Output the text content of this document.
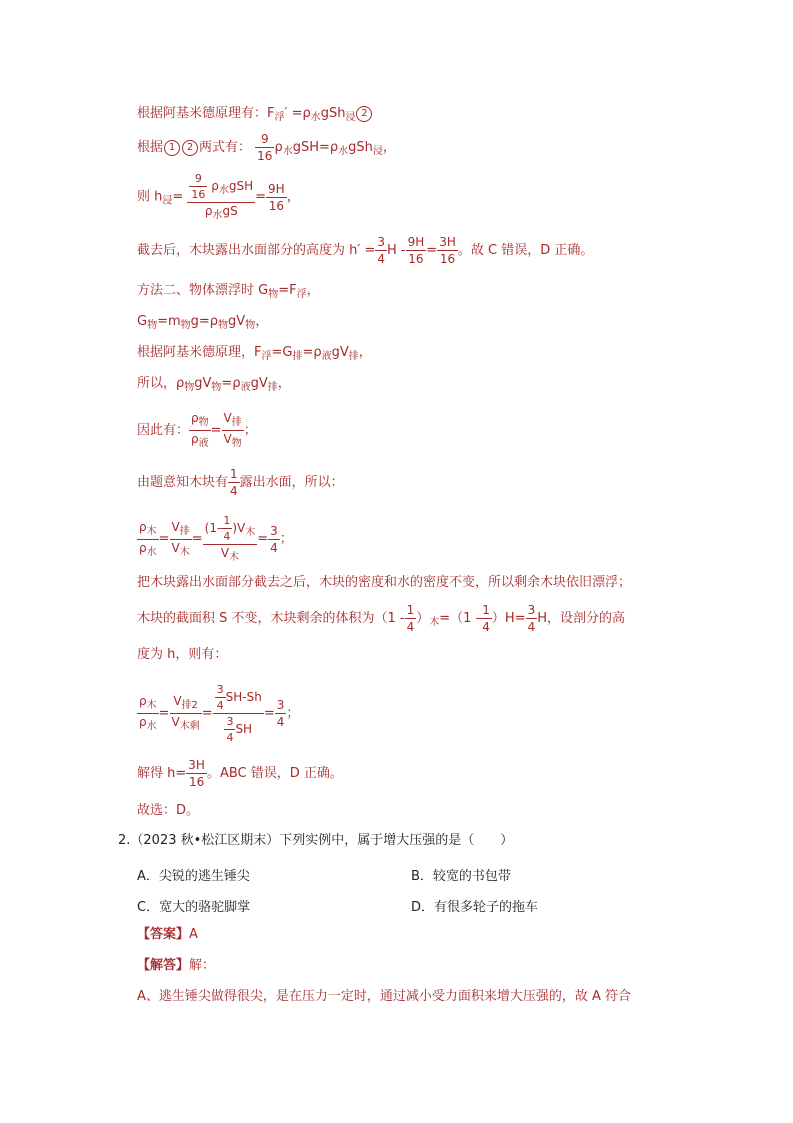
根据阿基米德原理有：$F_浮' =\rho_水gSh_浸$ 2
根据 1 2 两式有： $\frac{9}{16} \rho_水gSH=\rho_水gSh_浸$，
则 $h_浸= \frac{\frac{9}{16} \rho_水gSH}{\rho_水gS} = \frac{9H}{16}$ ，
截去后，木块露出水面部分的高度为 $h' = \frac{3}{4}$ $H - \frac{9H}{16} = \frac{3H}{16}$ 。故 C 错误，D 正确。
方法二、物体漂浮时 $G_物=F_浮$，
$G_物=m_物g=\rho_物gV_物$，
根据阿基米德原理，$F_浮=G_排=\rho_液gV_排$，
所以，$\rho_物gV_物=\rho_液gV_排$，
因此有： $\frac{\rho_物}{\rho_液} = \frac{V_排}{V_物}$ ；
由题意知木块有 $\frac{1}{4}$ 露出水面，所以：
$\frac{\rho_木}{\rho_水} = \frac{V_排}{V_木} = \frac{(1- \frac{1}{4} )V_木}{V_木} = \frac{3}{4}$ ；
把木块露出水面部分截去之后，木块的密度和水的密度不变，所以剩余木块依旧漂浮；
木块的截面积 S 不变，木块剩余的体积为$(1 - \frac{1}{4} )_木=(1 - \frac{1}{4} )H= \frac{3}{4}$ H，设剖分的高
度为 h，则有：
$\frac{\rho_木}{\rho_水} = \frac{V_{排2}}{V_{木剩}} = \frac{\frac{3}{4} SH-Sh}{\frac{3}{4} SH} = \frac{3}{4}$ ；
解得 $h= \frac{3H}{16}$ 。ABC 错误，D 正确。
故选：D。
2.（2023 秋•松江区期末）下列实例中，属于增大压强的是（　　）
A．尖锐的逃生锤尖	B．较宽的书包带
C．宽大的骆驼脚掌	D．有很多轮子的拖车
【答案】A
【解答】解：
A、逃生锤尖做得很尖，是在压力一定时，通过减小受力面积来增大压强的，故 A 符合
